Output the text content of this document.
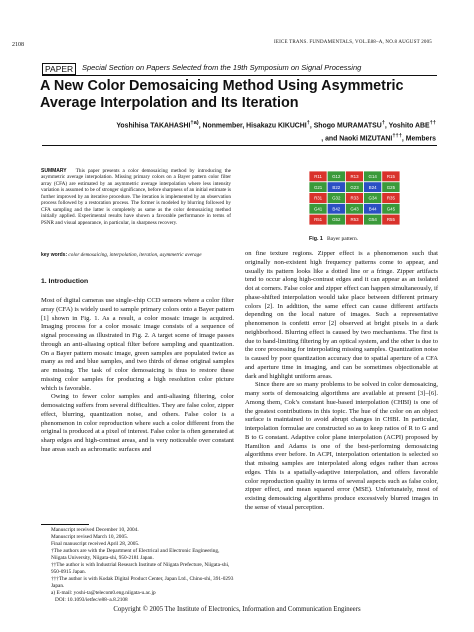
2108	IEICE TRANS. FUNDAMENTALS, VOL.E88–A, NO.8 AUGUST 2005
PAPER	Special Section on Papers Selected from the 19th Symposium on Signal Processing
A New Color Demosaicing Method Using Asymmetric Average Interpolation and Its Iteration
Yoshihisa TAKAHASHI$^{\dagger a)}$, Nonmember, Hisakazu KIKUCHI†, Shogo MURAMATSU†, Yoshito ABE††
, and Naoki MIZUTANI†††, Members
SUMMARY This paper presents a color demosaicing method by introducing the asymmetric average interpolation. Missing primary colors on a Bayer pattern color filter array (CFA) are estimated by an asymmetric average interpolation where less intensity variation is assumed to be of stronger significance, before sharpness of an initial estimate is further improved by an iterative procedure. The iteration is implemented by an observation process followed by a restoration process. The former is modeled by blurring followed by CFA sampling and the latter is completely as same as the color demosaicing method initially applied. Experimental results have shown a favorable performance in terms of PSNR and visual appearance, in particular, in sharpness recovery.
key words: color demosaicing, interpolation, iteration, asymmetric average
R11 G12 R13 G14 R15
G21 B22 G23 B24 G25
R31 G32 R33 G34 R35
G41 B42 G43 B44 G45
R51 G52 R53 G54 R55
Fig. 1 Bayer pattern.
1. Introduction

Most of digital cameras use single-chip CCD sensors where a color filter array (CFA) is widely used to sample primary colors onto a Bayer pattern [1] shown in Fig. 1. As a result, a color mosaic image is acquired. Imaging process for a color mosaic image consists of a sequence of signal processing as illustrated in Fig. 2. A target scene of image passes through an anti-aliasing optical filter before sampling and quantization. On a Bayer pattern mosaic image, green samples are populated twice as many as red and blue samples, and two thirds of dense original samples are missing. The task of color demosaicing is thus to restore these missing color samples for producing a high resolution color picture which is favorable.

Owing to fewer color samples and anti-aliasing filtering, color demosaicing suffers from several difficulties. They are false color, zipper effect, blurring, quantization noise, and others. False color is a phenomenon in color reproduction where such a color different from the original is produced at a pixel of interest. False color is often generated at sharp edges and high-contrast areas, and is very noticeable over constant hue areas such as achromatic surfaces and

on fine texture regions. Zipper effect is a phenomenon such that originally non-existent high frequency patterns come to appear, and usually its pattern looks like a dotted line or a fringe. Zipper artifacts tend to occur along high-contrast edges and it can appear as an isolated dot at corners. False color and zipper effect can happen simultaneously, if phase-shifted interpolation would take place between different primary colors [2]. In addition, the same effect can cause different artifacts depending on the local nature of images. Such a representative phenomenon is confetti error [2] observed at bright pixels in a dark neighborhood. Blurring effect is caused by two mechanisms. The first is due to band-limiting filtering by an optical system, and the other is due to the core processing for interpolating missing samples. Quantization noise is caused by poor quantization accuracy due to spatial aperture of a CFA and aperture time in imaging, and can be sometimes objectionable at dark and highlight uniform areas.

Since there are so many problems to be solved in color demosaicing, many sorts of demosaicing algorithms are available at present [3]–[6]. Among them, Cok’s constant hue-based interpolation (CHBI) is one of the greatest contributions in this topic. The hue of the color on an object surface is maintained to avoid abrupt changes in CHBI. In particular, interpolation formulae are constructed so as to keep ratios of R to G and B to G constant. Adaptive color plane interpolation (ACPI) proposed by Hamilton and Adams is one of the best-performing demosaicing algorithms ever before. In ACPI, interpolation orientation is selected so that missing samples are interpolated along edges rather than across edges. This is a spatially-adaptive interpolation, and offers favorable color reproduction quality in terms of several aspects such as false color, zipper effect, and mean squared error (MSE). Unfortunately, most of existing demosaicing algorithms produce excessively blurred images in the sense of visual perception.

Manuscript received December 10, 2004.
Manuscript revised March 10, 2005.
Final manuscript received April 28, 2005.
†The authors are with the Department of Electrical and Electronic Engineering, Niigata University, Niigata-shi, 950-2181 Japan.
††The author is with Industrial Research Institute of Niigata Prefecture, Niigata-shi, 950-0915 Japan.
†††The author is with Kodak Digital Product Center, Japan Ltd., Chino-shi, 391-0293 Japan.
a) E-mail: yoshi-ta@telecom0.eng.niigata-u.ac.jp
DOI: 10.1093/ietfec/e88–a.8.2108
Copyright © 2005 The Institute of Electronics, Information and Communication Engineers
